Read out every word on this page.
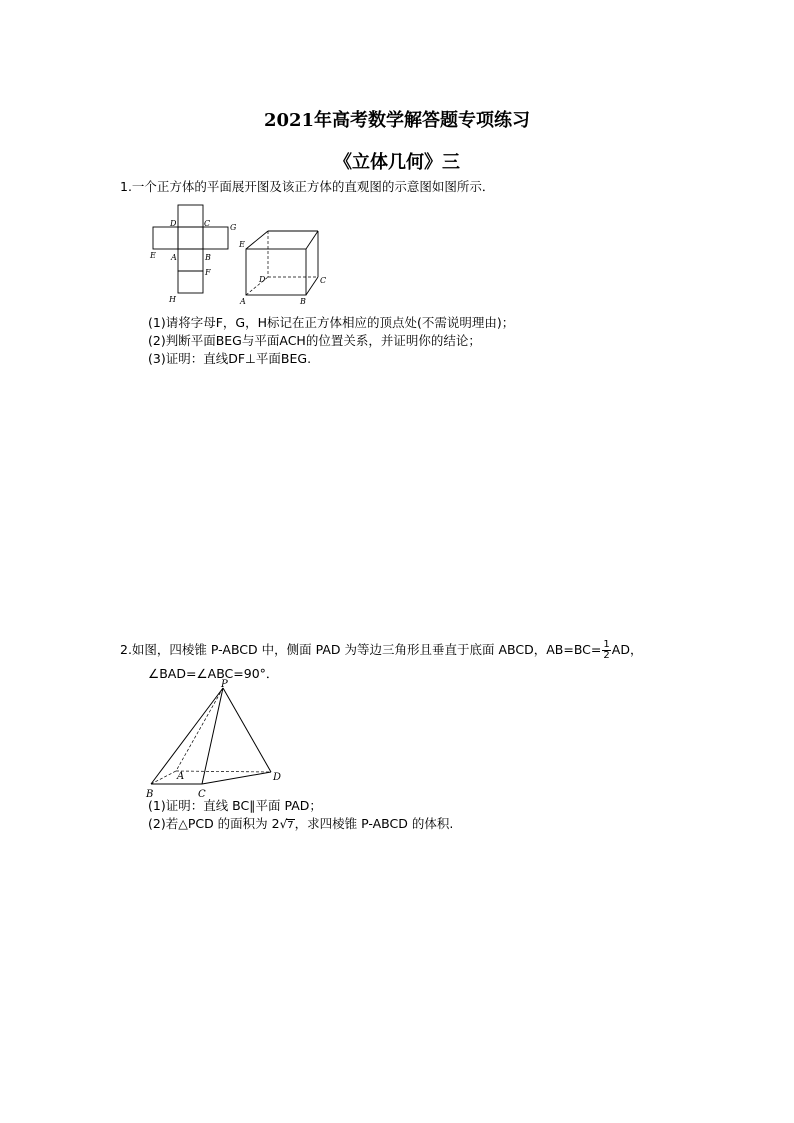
2021年高考数学解答题专项练习
《立体几何》三
1.一个正方体的平面展开图及该正方体的直观图的示意图如图所示．
D	C G
E A	B
F
H
E
D	C
A	B
(1)请将字母F，G，H标记在正方体相应的顶点处(不需说明理由)；
(2)判断平面BEG与平面ACH的位置关系，并证明你的结论；
(3)证明：直线DF⊥平面BEG.
2.如图，四棱锥 P-ABCD 中，侧面 PAD 为等边三角形且垂直于底面 ABCD，$AB=BC= \frac{1}{2}$ AD，
∠BAD=∠ABC=90°．
P
A
B	C
D
(1)证明：直线 BC∥平面 PAD；
(2)若△PCD 的面积为 2√7，求四棱锥 P-ABCD 的体积.
